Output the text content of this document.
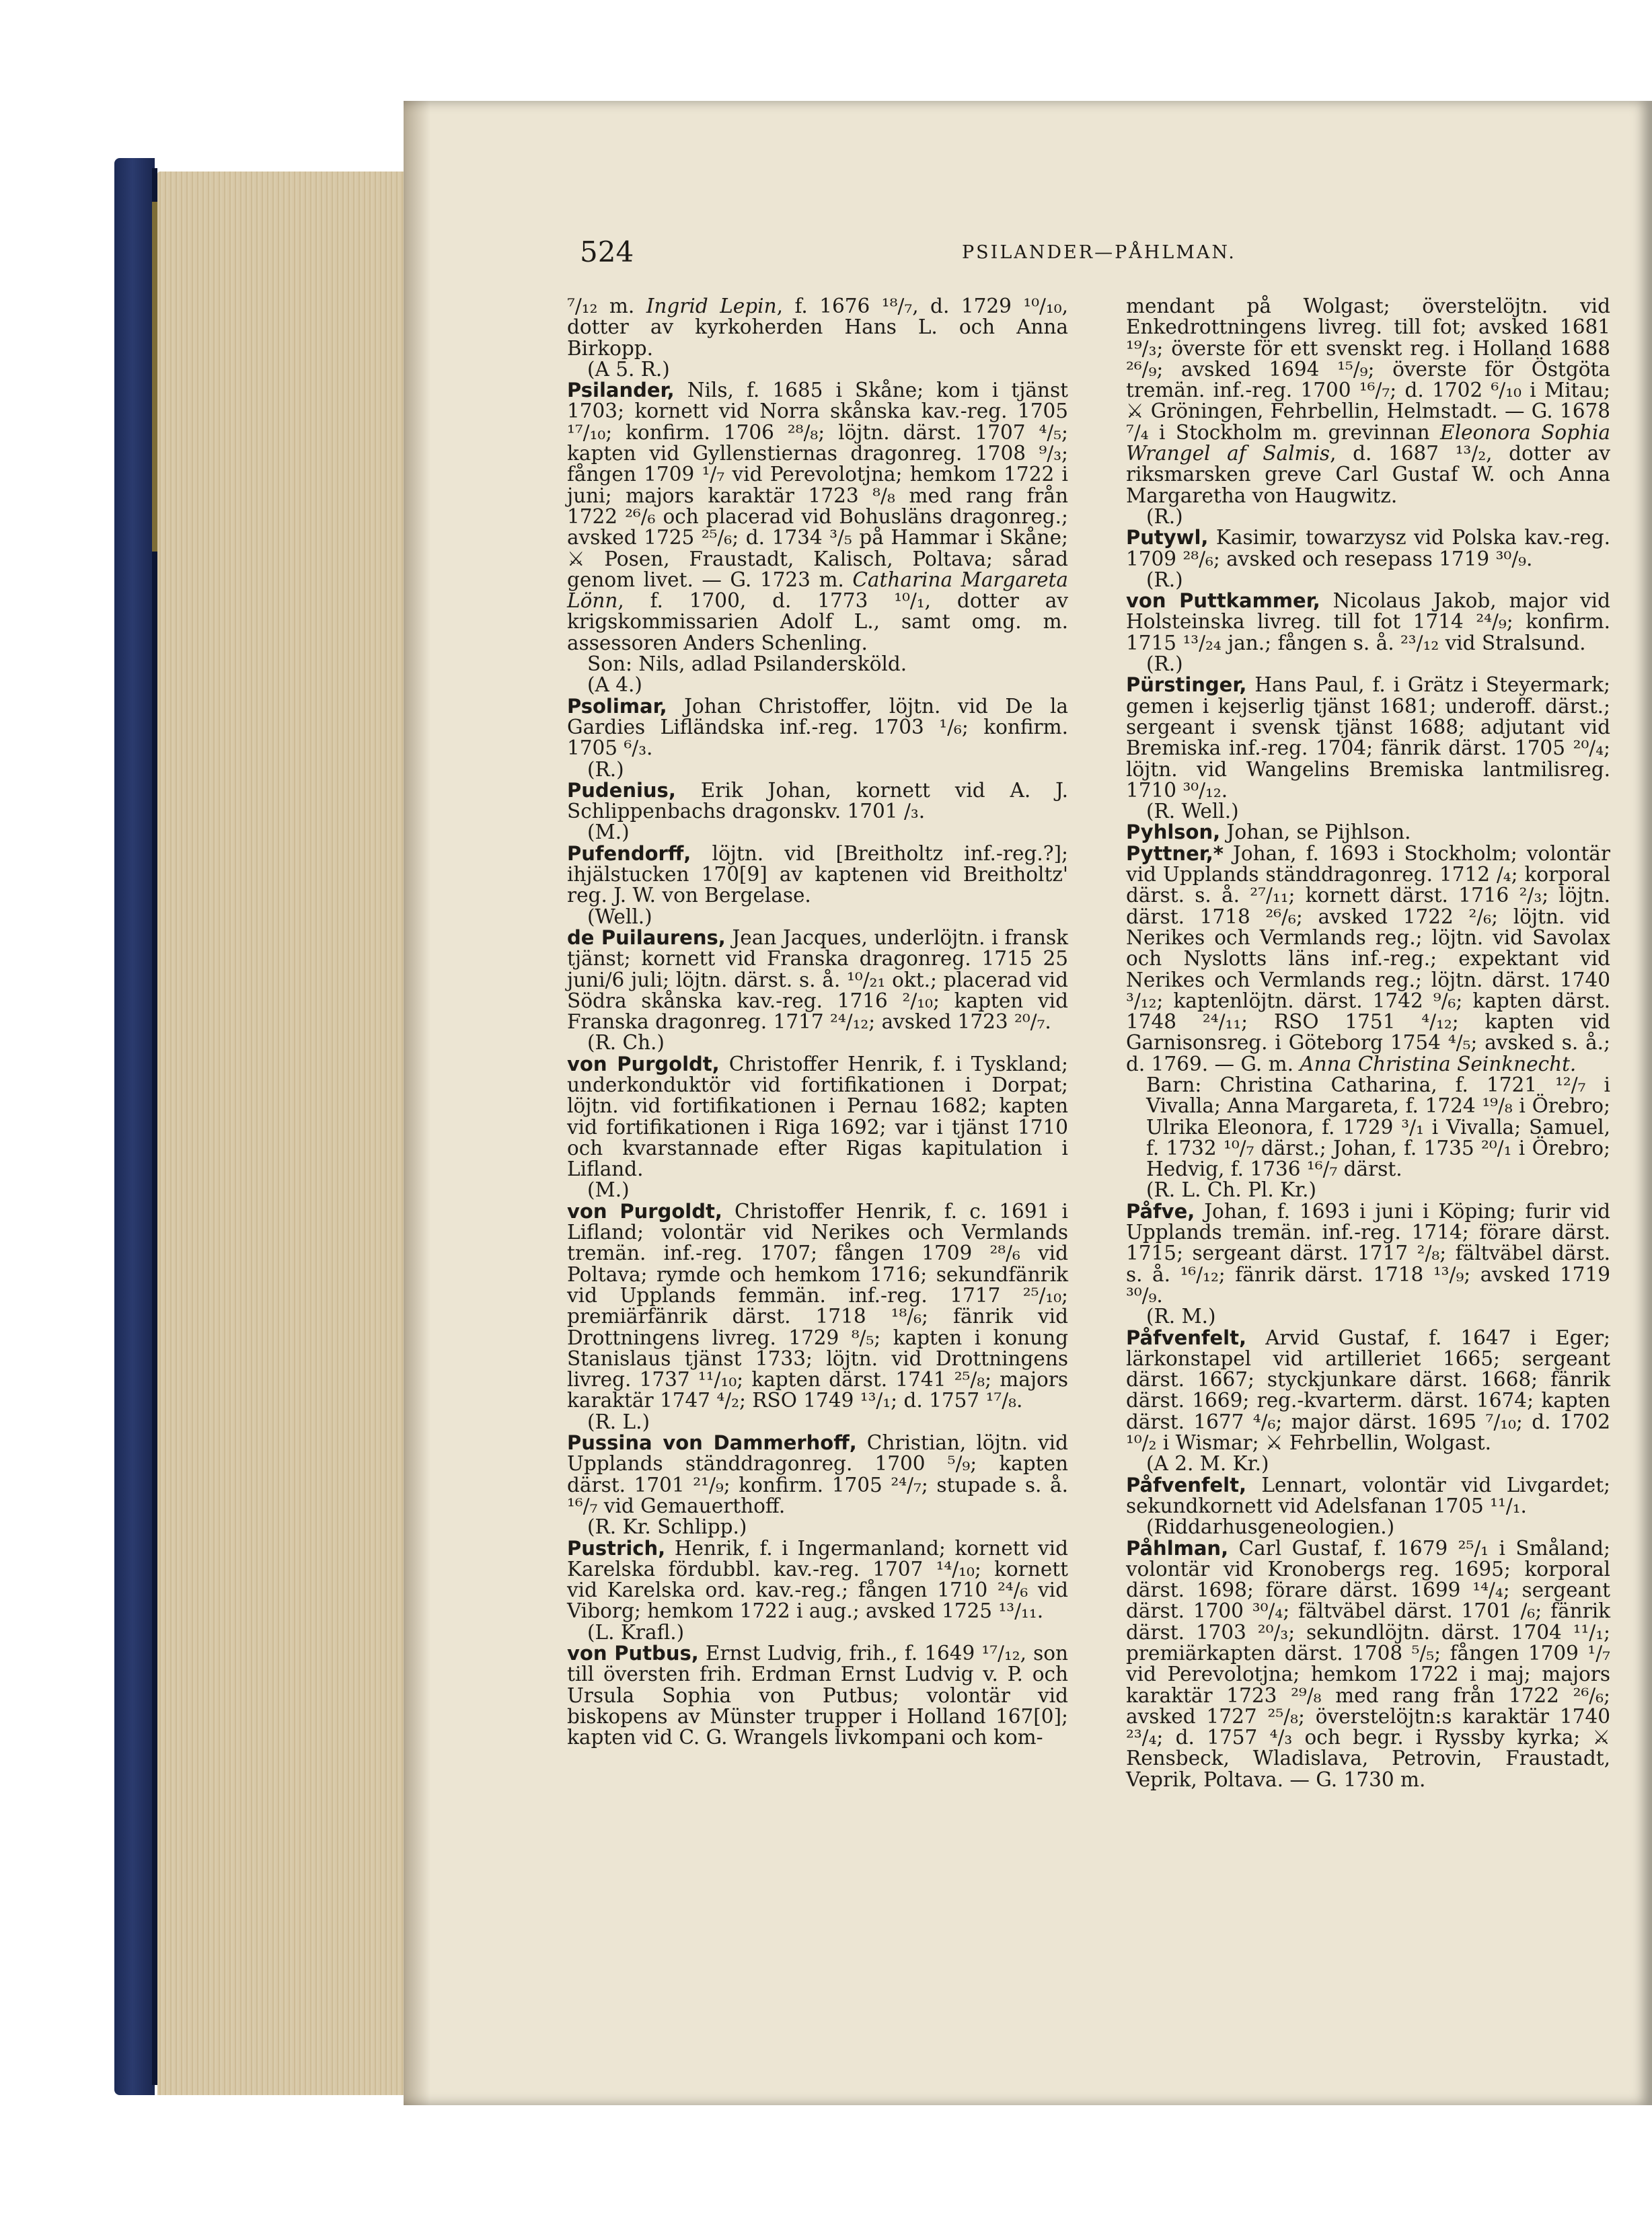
524	PSILANDER—PÅHLMAN.

⁷/₁₂ m. Ingrid Lepin, f. 1676 ¹⁸/₇, d. 1729 ¹⁰/₁₀, dotter av kyrkoherden Hans L. och Anna Birkopp.

(A 5. R.)

Psilander, Nils, f. 1685 i Skåne; kom i tjänst 1703; kornett vid Norra skånska kav.-reg. 1705 ¹⁷/₁₀; konfirm. 1706 ²⁸/₈; löjtn. därst. 1707 ⁴/₅; kapten vid Gyllenstiernas dragonreg. 1708 ⁹/₃; fången 1709 ¹/₇ vid Perevolotjna; hemkom 1722 i juni; majors karaktär 1723 ⁸/₈ med rang från 1722 ²⁶/₆ och placerad vid Bohusläns dragonreg.; avsked 1725 ²⁵/₆; d. 1734 ³/₅ på Hammar i Skåne; ⚔ Posen, Fraustadt, Kalisch, Poltava; sårad genom livet. — G. 1723 m. Catharina Margareta Lönn, f. 1700, d. 1773 ¹⁰/₁, dotter av krigskommissarien Adolf L., samt omg. m. assessoren Anders Schenling.

Son: Nils, adlad Psilandersköld.

(A 4.)

Psolimar, Johan Christoffer, löjtn. vid De la Gardies Lifländska inf.-reg. 1703 ¹/₆; konfirm. 1705 ⁶/₃.

(R.)

Pudenius, Erik Johan, kornett vid A. J. Schlippenbachs dragonskv. 1701 /₃.

(M.)

Pufendorff, löjtn. vid [Breitholtz inf.-reg.?]; ihjälstucken 170[9] av kaptenen vid Breitholtz' reg. J. W. von Bergelase.

(Well.)

de Puilaurens, Jean Jacques, underlöjtn. i fransk tjänst; kornett vid Franska dragonreg. 1715 25 juni/6 juli; löjtn. därst. s. å. ¹⁰/₂₁ okt.; placerad vid Södra skånska kav.-reg. 1716 ²/₁₀; kapten vid Franska dragonreg. 1717 ²⁴/₁₂; avsked 1723 ²⁰/₇.

(R. Ch.)

von Purgoldt, Christoffer Henrik, f. i Tyskland; underkonduktör vid fortifikationen i Dorpat; löjtn. vid fortifikationen i Pernau 1682; kapten vid fortifikationen i Riga 1692; var i tjänst 1710 och kvarstannade efter Rigas kapitulation i Lifland.

(M.)

von Purgoldt, Christoffer Henrik, f. c. 1691 i Lifland; volontär vid Nerikes och Vermlands tremän. inf.-reg. 1707; fången 1709 ²⁸/₆ vid Poltava; rymde och hemkom 1716; sekundfänrik vid Upplands femmän. inf.-reg. 1717 ²⁵/₁₀; premiärfänrik därst. 1718 ¹⁸/₆; fänrik vid Drottningens livreg. 1729 ⁸/₅; kapten i konung Stanislaus tjänst 1733; löjtn. vid Drottningens livreg. 1737 ¹¹/₁₀; kapten därst. 1741 ²⁵/₈; majors karaktär 1747 ⁴/₂; RSO 1749 ¹³/₁; d. 1757 ¹⁷/₈.

(R. L.)

Pussina von Dammerhoff, Christian, löjtn. vid Upplands ständdragonreg. 1700 ⁵/₉; kapten därst. 1701 ²¹/₉; konfirm. 1705 ²⁴/₇; stupade s. å. ¹⁶/₇ vid Gemauerthoff.

(R. Kr. Schlipp.)

Pustrich, Henrik, f. i Ingermanland; kornett vid Karelska fördubbl. kav.-reg. 1707 ¹⁴/₁₀; kornett vid Karelska ord. kav.-reg.; fången 1710 ²⁴/₆ vid Viborg; hemkom 1722 i aug.; avsked 1725 ¹³/₁₁.

(L. Krafl.)

von Putbus, Ernst Ludvig, frih., f. 1649 ¹⁷/₁₂, son till översten frih. Erdman Ernst Ludvig v. P. och Ursula Sophia von Putbus; volontär vid biskopens av Münster trupper i Holland 167[0]; kapten vid C. G. Wrangels livkompani och kom-

mendant på Wolgast; överstelöjtn. vid Enkedrottningens livreg. till fot; avsked 1681 ¹⁹/₃; överste för ett svenskt reg. i Holland 1688 ²⁶/₉; avsked 1694 ¹⁵/₉; överste för Östgöta tremän. inf.-reg. 1700 ¹⁶/₇; d. 1702 ⁶/₁₀ i Mitau; ⚔ Gröningen, Fehrbellin, Helmstadt. — G. 1678 ⁷/₄ i Stockholm m. grevinnan Eleonora Sophia Wrangel af Salmis, d. 1687 ¹³/₂, dotter av riksmarsken greve Carl Gustaf W. och Anna Margaretha von Haugwitz.

(R.)

Putywl, Kasimir, towarzysz vid Polska kav.-reg. 1709 ²⁸/₆; avsked och resepass 1719 ³⁰/₉.

(R.)

von Puttkammer, Nicolaus Jakob, major vid Holsteinska livreg. till fot 1714 ²⁴/₉; konfirm. 1715 ¹³/₂₄ jan.; fången s. å. ²³/₁₂ vid Stralsund.

(R.)

Pürstinger, Hans Paul, f. i Grätz i Steyermark; gemen i kejserlig tjänst 1681; underoff. därst.; sergeant i svensk tjänst 1688; adjutant vid Bremiska inf.-reg. 1704; fänrik därst. 1705 ²⁰/₄; löjtn. vid Wangelins Bremiska lantmilisreg. 1710 ³⁰/₁₂.

(R. Well.)

Pyhlson, Johan, se Pijhlson.

Pyttner,* Johan, f. 1693 i Stockholm; volontär vid Upplands ständdragonreg. 1712 /₄; korporal därst. s. å. ²⁷/₁₁; kornett därst. 1716 ²/₃; löjtn. därst. 1718 ²⁶/₆; avsked 1722 ²/₆; löjtn. vid Nerikes och Vermlands reg.; löjtn. vid Savolax och Nyslotts läns inf.-reg.; expektant vid Nerikes och Vermlands reg.; löjtn. därst. 1740 ³/₁₂; kaptenlöjtn. därst. 1742 ⁹/₆; kapten därst. 1748 ²⁴/₁₁; RSO 1751 ⁴/₁₂; kapten vid Garnisonsreg. i Göteborg 1754 ⁴/₅; avsked s. å.; d. 1769. — G. m. Anna Christina Seinknecht.

Barn: Christina Catharina, f. 1721 ¹²/₇ i Vivalla; Anna Margareta, f. 1724 ¹⁹/₈ i Örebro; Ulrika Eleonora, f. 1729 ³/₁ i Vivalla; Samuel, f. 1732 ¹⁰/₇ därst.; Johan, f. 1735 ²⁰/₁ i Örebro; Hedvig, f. 1736 ¹⁶/₇ därst.

(R. L. Ch. Pl. Kr.)

Påfve, Johan, f. 1693 i juni i Köping; furir vid Upplands tremän. inf.-reg. 1714; förare därst. 1715; sergeant därst. 1717 ²/₈; fältväbel därst. s. å. ¹⁶/₁₂; fänrik därst. 1718 ¹³/₉; avsked 1719 ³⁰/₉.

(R. M.)

Påfvenfelt, Arvid Gustaf, f. 1647 i Eger; lärkonstapel vid artilleriet 1665; sergeant därst. 1667; styckjunkare därst. 1668; fänrik därst. 1669; reg.-kvarterm. därst. 1674; kapten därst. 1677 ⁴/₆; major därst. 1695 ⁷/₁₀; d. 1702 ¹⁰/₂ i Wismar; ⚔ Fehrbellin, Wolgast.

(A 2. M. Kr.)

Påfvenfelt, Lennart, volontär vid Livgardet; sekundkornett vid Adelsfanan 1705 ¹¹/₁.

(Riddarhusgeneologien.)

Påhlman, Carl Gustaf, f. 1679 ²⁵/₁ i Småland; volontär vid Kronobergs reg. 1695; korporal därst. 1698; förare därst. 1699 ¹⁴/₄; sergeant därst. 1700 ³⁰/₄; fältväbel därst. 1701 /₆; fänrik därst. 1703 ²⁰/₃; sekundlöjtn. därst. 1704 ¹¹/₁; premiärkapten därst. 1708 ⁵/₅; fången 1709 ¹/₇ vid Perevolotjna; hemkom 1722 i maj; majors karaktär 1723 ²⁹/₈ med rang från 1722 ²⁶/₆; avsked 1727 ²⁵/₈; överstelöjtn:s karaktär 1740 ²³/₄; d. 1757 ⁴/₃ och begr. i Ryssby kyrka; ⚔ Rensbeck, Wladislava, Petrovin, Fraustadt, Veprik, Poltava. — G. 1730 m.
